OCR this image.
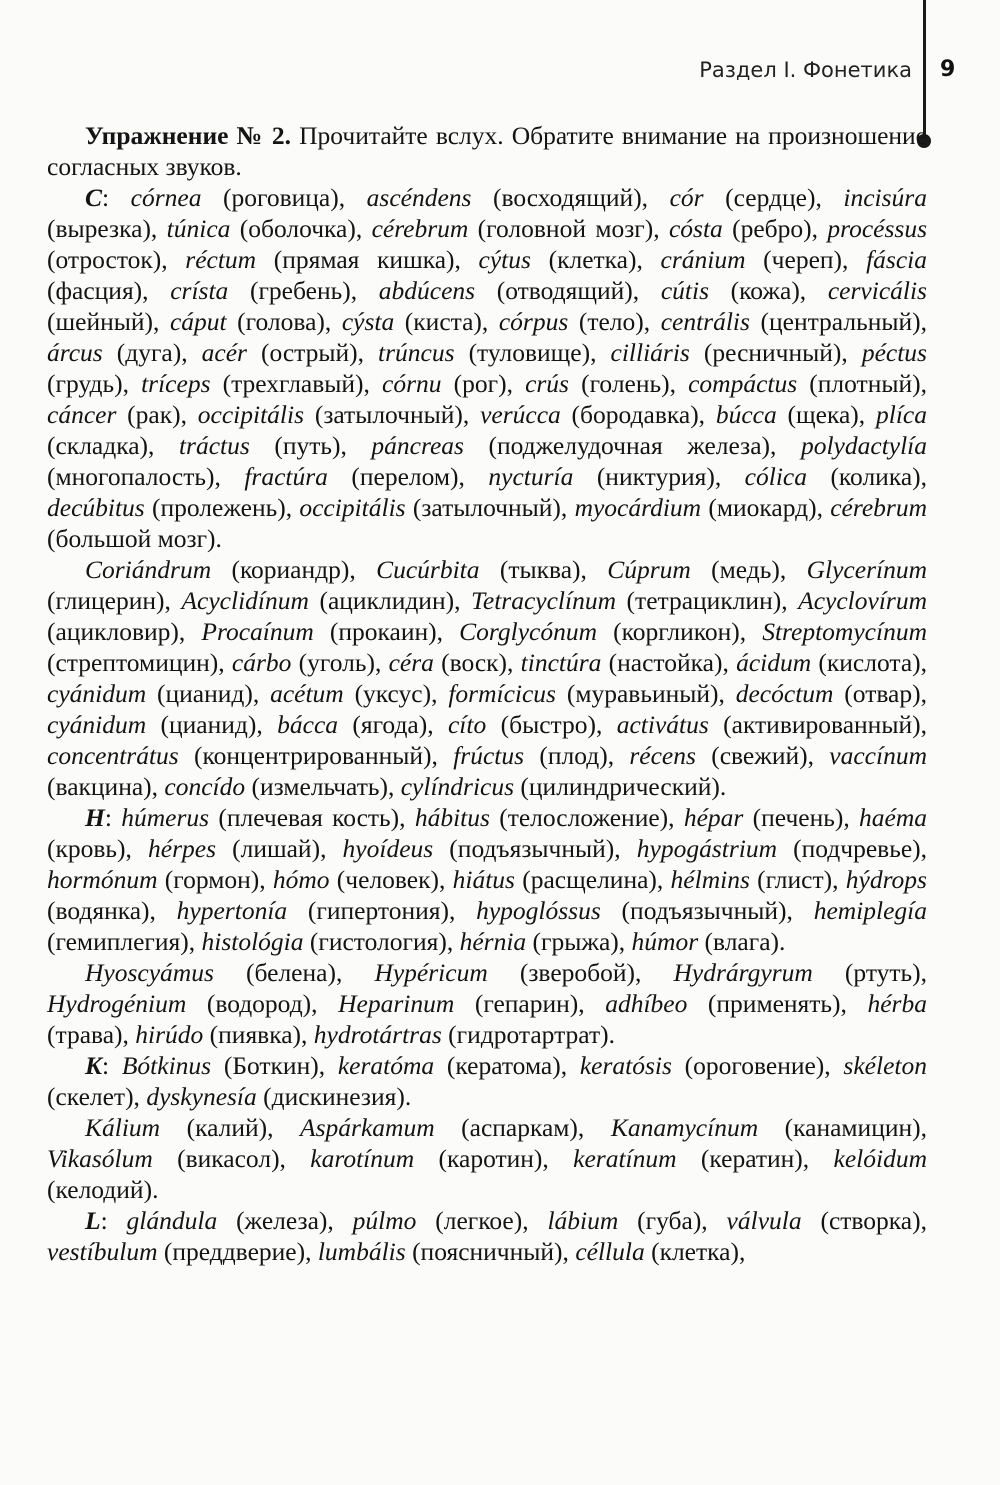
Раздел I. Фонетика 9

Упражнение № 2. Прочитайте вслух. Обратите внимание на произношение согласных звуков.

C: córnea (роговица), ascéndens (восходящий), cór (сердце), incisúra (вырезка), túnica (оболочка), cérebrum (головной мозг), cósta (ребро), procéssus (отросток), réctum (прямая кишка), cýtus (клетка), cránium (череп), fáscia (фасция), crísta (гребень), abdúcens (отводящий), cútis (кожа), cervicális (шейный), cáput (голова), cýsta (киста), córpus (тело), centrális (центральный), árcus (дуга), acér (острый), trúncus (туловище), cilliáris (ресничный), péctus (грудь), tríceps (трехглавый), córnu (рог), crús (голень), compáctus (плотный), cáncer (рак), occipitális (затылочный), verúcca (бородавка), búcca (щека), plíca (складка), tráctus (путь), páncreas (поджелудочная железа), polydactylía (многопалость), fractúra (перелом), nycturía (никтурия), cólica (колика), decúbitus (пролежень), occipitális (затылочный), myocárdium (миокард), cérebrum (большой мозг).

Coriándrum (кориандр), Cucúrbita (тыква), Cúprum (медь), Glycerínum (глицерин), Acyclidínum (ациклидин), Tetracyclínum (тетрациклин), Acyclovírum (ацикловир), Procaínum (прокаин), Corglycónum (коргликон), Streptomycínum (стрептомицин), cárbo (уголь), céra (воск), tinctúra (настойка), ácidum (кислота), cyánidum (цианид), acétum (уксус), formícicus (муравьиный), decóctum (отвар), cyánidum (цианид), bácca (ягода), cíto (быстро), activátus (активированный), concentrátus (концентрированный), frúctus (плод), récens (свежий), vaccínum (вакцина), concído (измельчать), cylíndricus (цилиндрический).

H: húmerus (плечевая кость), hábitus (телосложение), hépar (печень), haéma (кровь), hérpes (лишай), hyoídeus (подъязычный), hypogástrium (подчревье), hormónum (гормон), hómo (человек), hiátus (расщелина), hélmins (глист), hýdrops (водянка), hypertonía (гипертония), hypoglóssus (подъязычный), hemiplegía (гемиплегия), histológia (гистология), hérnia (грыжа), húmor (влага).

Hyoscyámus (белена), Hypéricum (зверобой), Hydrárgyrum (ртуть), Hydrogénium (водород), Heparinum (гепарин), adhíbeo (применять), hérba (трава), hirúdo (пиявка), hydrotártras (гидротартрат).

K: Bótkinus (Боткин), keratóma (кератома), keratósis (ороговение), skéleton (скелет), dyskynesía (дискинезия).

Kálium (калий), Aspárkamum (аспаркам), Kanamycínum (канамицин), Vikasólum (викасол), karotínum (каротин), keratínum (кератин), kelóidum (келодий).

L: glándula (железа), púlmo (легкое), lábium (губа), válvula (створка), vestíbulum (преддверие), lumbális (поясничный), céllula (клетка),
